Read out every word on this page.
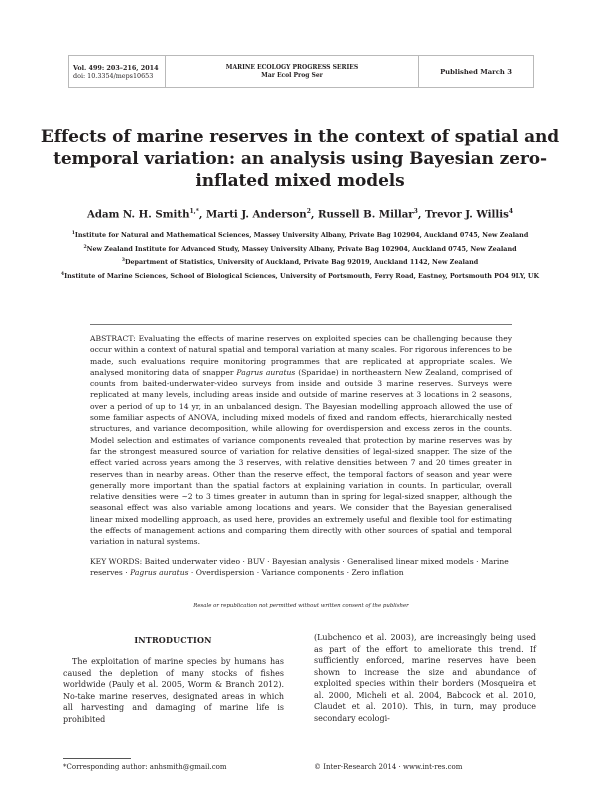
Vol. 499: 203–216, 2014
doi: 10.3354/meps10653
MARINE ECOLOGY PROGRESS SERIES
Mar Ecol Prog Ser	Published March 3
Effects of marine reserves in the context of spatial and temporal variation: an analysis using Bayesian zero-inflated mixed models
Adam N. H. Smith$^{1,*}$, Marti J. Anderson$^2$, Russell B. Millar$^3$, Trevor J. Willis$^4$
$^1$Institute for Natural and Mathematical Sciences, Massey University Albany, Private Bag 102904, Auckland 0745, New Zealand
$^2$New Zealand Institute for Advanced Study, Massey University Albany, Private Bag 102904, Auckland 0745, New Zealand
$^3$Department of Statistics, University of Auckland, Private Bag 92019, Auckland 1142, New Zealand
$^4$Institute of Marine Sciences, School of Biological Sciences, University of Portsmouth, Ferry Road, Eastney, Portsmouth PO4 9LY, UK

ABSTRACT: Evaluating the effects of marine reserves on exploited species can be challenging because they occur within a context of natural spatial and temporal variation at many scales. For rigorous inferences to be made, such evaluations require monitoring programmes that are replicated at appropriate scales. We analysed monitoring data of snapper Pagrus auratus (Sparidae) in northeastern New Zealand, comprised of counts from baited-underwater-video surveys from inside and outside 3 marine reserves. Surveys were replicated at many levels, including areas inside and outside of marine reserves at 3 locations in 2 seasons, over a period of up to 14 yr, in an unbalanced design. The Bayesian modelling approach allowed the use of some familiar aspects of ANOVA, including mixed models of fixed and random effects, hierarchically nested structures, and variance decomposition, while allowing for overdispersion and excess zeros in the counts. Model selection and estimates of variance components revealed that protection by marine reserves was by far the strongest measured source of variation for relative densities of legal-sized snapper. The size of the effect varied across years among the 3 reserves, with relative densities between 7 and 20 times greater in reserves than in nearby areas. Other than the reserve effect, the temporal factors of season and year were generally more important than the spatial factors at explaining variation in counts. In particular, overall relative densities were ~2 to 3 times greater in autumn than in spring for legal-sized snapper, although the seasonal effect was also variable among locations and years. We consider that the Bayesian generalised linear mixed modelling approach, as used here, provides an extremely useful and flexible tool for estimating the effects of management actions and comparing them directly with other sources of spatial and temporal variation in natural systems.

KEY WORDS: Baited underwater video · BUV · Bayesian analysis · Generalised linear mixed models · Marine reserves · Pagrus auratus · Overdispersion · Variance components · Zero inflation

Resale or republication not permitted without written consent of the publisher
INTRODUCTION
The exploitation of marine species by humans has caused the depletion of many stocks of fishes worldwide (Pauly et al. 2005, Worm & Branch 2012). No-take marine reserves, designated areas in which all harvesting and damaging of marine life is prohibited
(Lubchenco et al. 2003), are increasingly being used as part of the effort to ameliorate this trend. If sufficiently enforced, marine reserves have been shown to increase the size and abundance of exploited species within their borders (Mosqueira et al. 2000, Micheli et al. 2004, Babcock et al. 2010, Claudet et al. 2010). This, in turn, may produce secondary ecologi-
*Corresponding author: anhsmith@gmail.com	© Inter-Research 2014 · www.int-res.com
